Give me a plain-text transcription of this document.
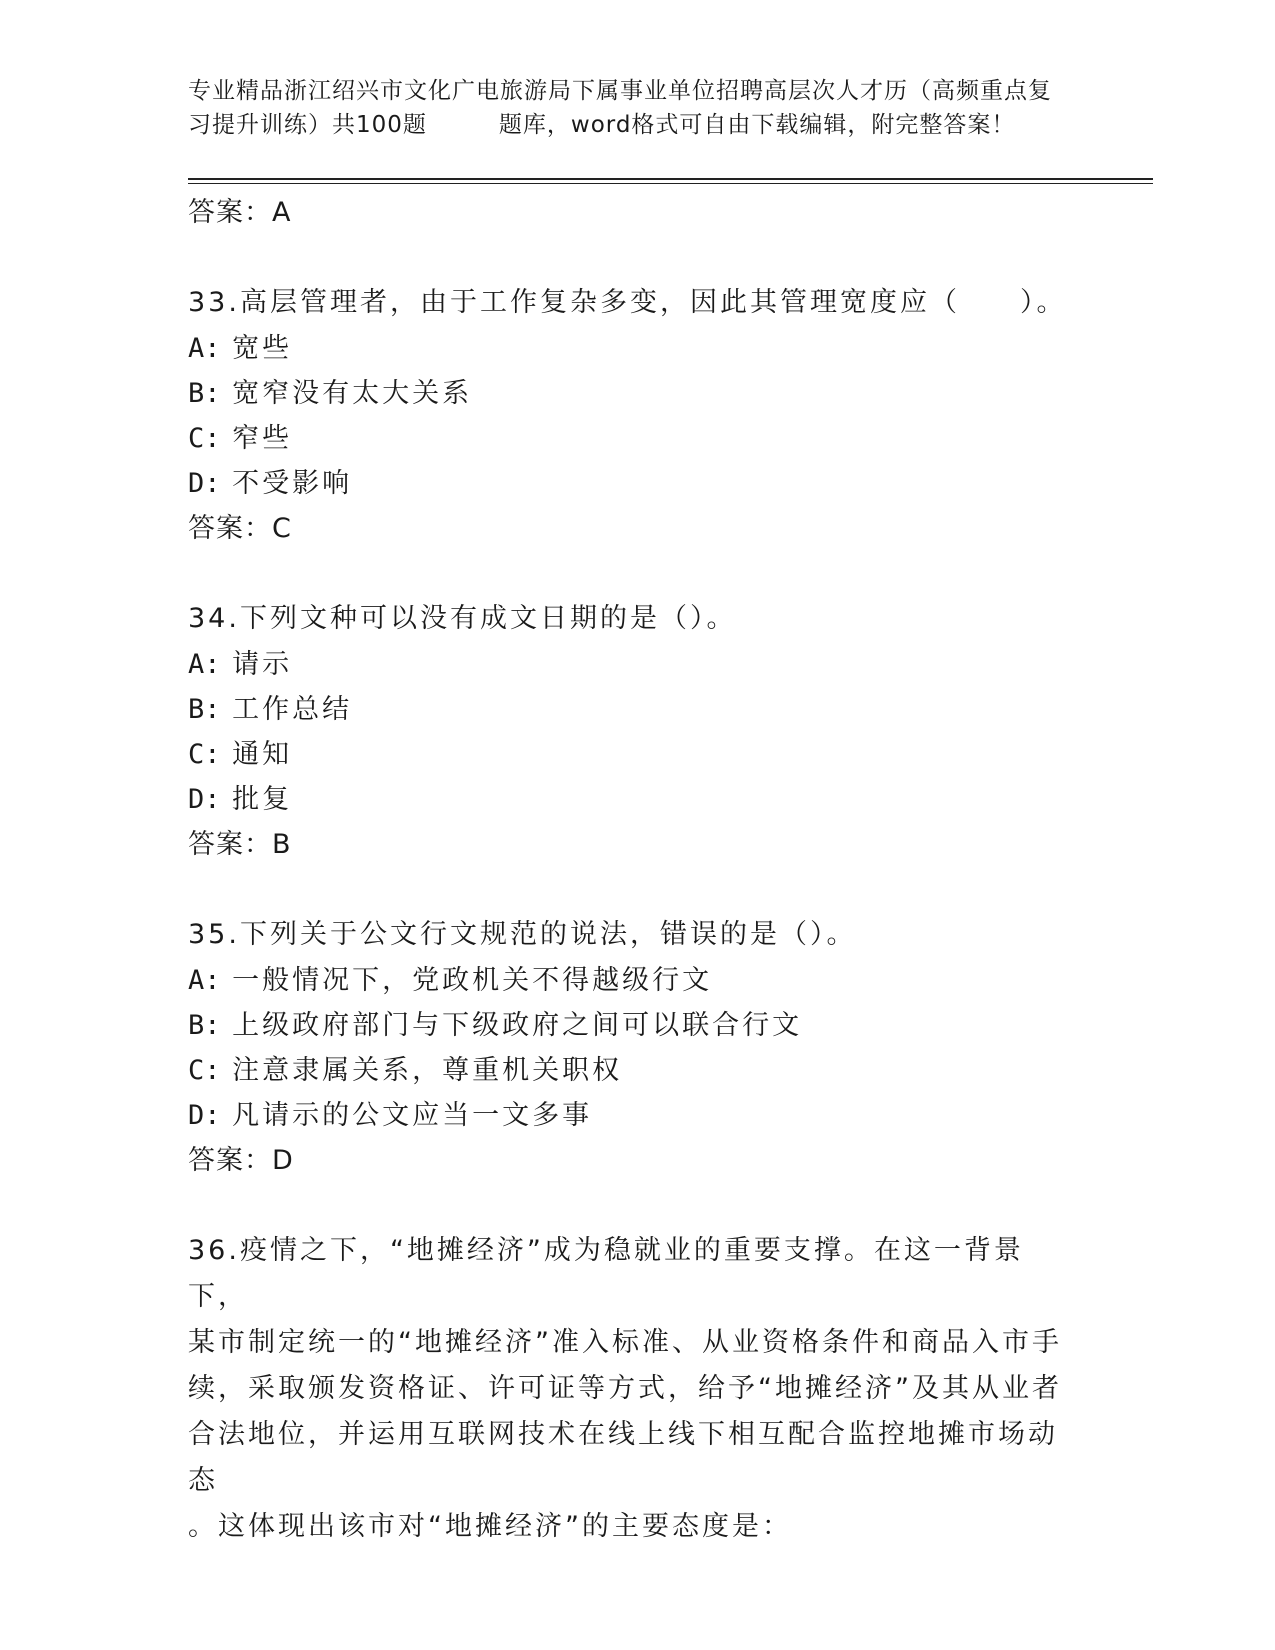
专业精品浙江绍兴市文化广电旅游局下属事业单位招聘高层次人才历（高频重点复
习提升训练）共100题　　　题库，word格式可自由下载编辑，附完整答案！
答案：A
33.高层管理者，由于工作复杂多变，因此其管理宽度应（　　）。
A: 宽些
B: 宽窄没有太大关系
C: 窄些
D: 不受影响
答案：C
34.下列文种可以没有成文日期的是（）。
A: 请示
B: 工作总结
C: 通知
D: 批复
答案：B
35.下列关于公文行文规范的说法，错误的是（）。
A: 一般情况下，党政机关不得越级行文
B: 上级政府部门与下级政府之间可以联合行文
C: 注意隶属关系，尊重机关职权
D: 凡请示的公文应当一文多事
答案：D
36.疫情之下，“地摊经济”成为稳就业的重要支撑。在这一背景下，
某市制定统一的“地摊经济”准入标准、从业资格条件和商品入市手
续，采取颁发资格证、许可证等方式，给予“地摊经济”及其从业者
合法地位，并运用互联网技术在线上线下相互配合监控地摊市场动态
。这体现出该市对“地摊经济”的主要态度是：
